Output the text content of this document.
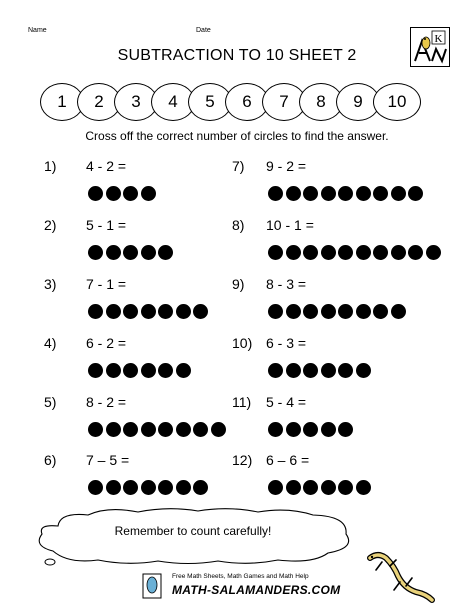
Name	Date
K
SUBTRACTION TO 10 SHEET 2
1	2	3	4	5	6	7	8	9	10
Cross off the correct number of circles to find the answer.
1) 4 - 2 =
2) 5 - 1 =
3) 7 - 1 =
4) 6 - 2 =
5) 8 - 2 =
6) 7 – 5 =
7) 9 - 2 =
8) 10 - 1 =
9) 8 - 3 =
10) 6 - 3 =
11) 5 - 4 =
12) 6 – 6 =
Remember to count carefully!
Free Math Sheets, Math Games and Math Help
MATH-SALAMANDERS.COM
